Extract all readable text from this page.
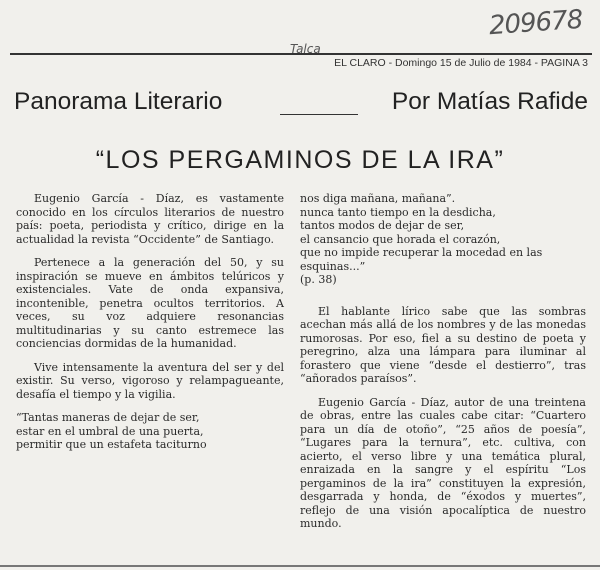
209678
Talca
EL CLARO - Domingo 15 de Julio de 1984 - PAGINA 3
Panorama Literario	Por Matías Rafide
“LOS PERGAMINOS DE LA IRA”

Eugenio García - Díaz, es vastamente conocido en los círculos literarios de nuestro país: poeta, periodista y crítico, dirige en la actualidad la revista “Occidente” de Santiago.

Pertenece a la generación del 50, y su inspiración se mueve en ámbitos telúricos y existenciales. Vate de onda expansiva, incontenible, penetra ocultos territorios. A veces, su voz adquiere resonancias multitudinarias y su canto estremece las conciencias dormidas de la humanidad.

Vive intensamente la aventura del ser y del existir. Su verso, vigoroso y relampagueante, desafía el tiempo y la vigilia.

“Tantas maneras de dejar de ser,
estar en el umbral de una puerta,
permitir que un estafeta taciturno
nos diga mañana, mañana”.
nunca tanto tiempo en la desdicha,
tantos modos de dejar de ser,
el cansancio que horada el corazón,
que no impide recuperar la mocedad en las
esquinas...”
(p. 38)

El hablante lírico sabe que las sombras acechan más allá de los nombres y de las monedas rumorosas. Por eso, fiel a su destino de poeta y peregrino, alza una lámpara para iluminar al forastero que viene “desde el destierro”, tras “añorados paraísos”.

Eugenio García - Díaz, autor de una treintena de obras, entre las cuales cabe citar: “Cuartero para un día de otoño”, “25 años de poesía”, “Lugares para la ternura”, etc. cultiva, con acierto, el verso libre y una temática plural, enraizada en la sangre y el espíritu “Los pergaminos de la ira” constituyen la expresión, desgarrada y honda, de “éxodos y muertes”, reflejo de una visión apocalíptica de nuestro mundo.
